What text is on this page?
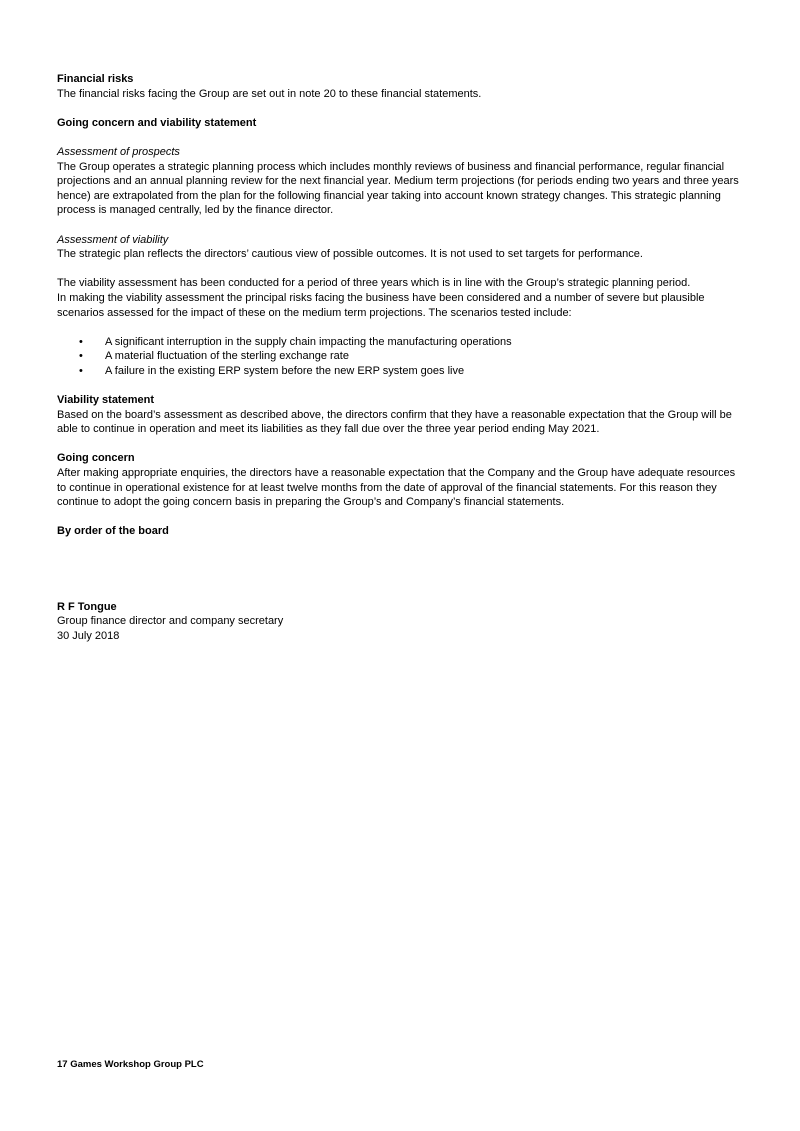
Financial risks

The financial risks facing the Group are set out in note 20 to these financial statements.

Going concern and viability statement

Assessment of prospects

The Group operates a strategic planning process which includes monthly reviews of business and financial performance, regular financial projections and an annual planning review for the next financial year. Medium term projections (for periods ending two years and three years hence) are extrapolated from the plan for the following financial year taking into account known strategy changes. This strategic planning process is managed centrally, led by the finance director.

Assessment of viability

The strategic plan reflects the directors’ cautious view of possible outcomes. It is not used to set targets for performance.

The viability assessment has been conducted for a period of three years which is in line with the Group’s strategic planning period.

In making the viability assessment the principal risks facing the business have been considered and a number of severe but plausible scenarios assessed for the impact of these on the medium term projections. The scenarios tested include:

• A significant interruption in the supply chain impacting the manufacturing operations
• A material fluctuation of the sterling exchange rate
• A failure in the existing ERP system before the new ERP system goes live

Viability statement

Based on the board’s assessment as described above, the directors confirm that they have a reasonable expectation that the Group will be able to continue in operation and meet its liabilities as they fall due over the three year period ending May 2021.

Going concern

After making appropriate enquiries, the directors have a reasonable expectation that the Company and the Group have adequate resources to continue in operational existence for at least twelve months from the date of approval of the financial statements. For this reason they continue to adopt the going concern basis in preparing the Group’s and Company’s financial statements.

By order of the board

R F Tongue

Group finance director and company secretary

30 July 2018

17 Games Workshop Group PLC
